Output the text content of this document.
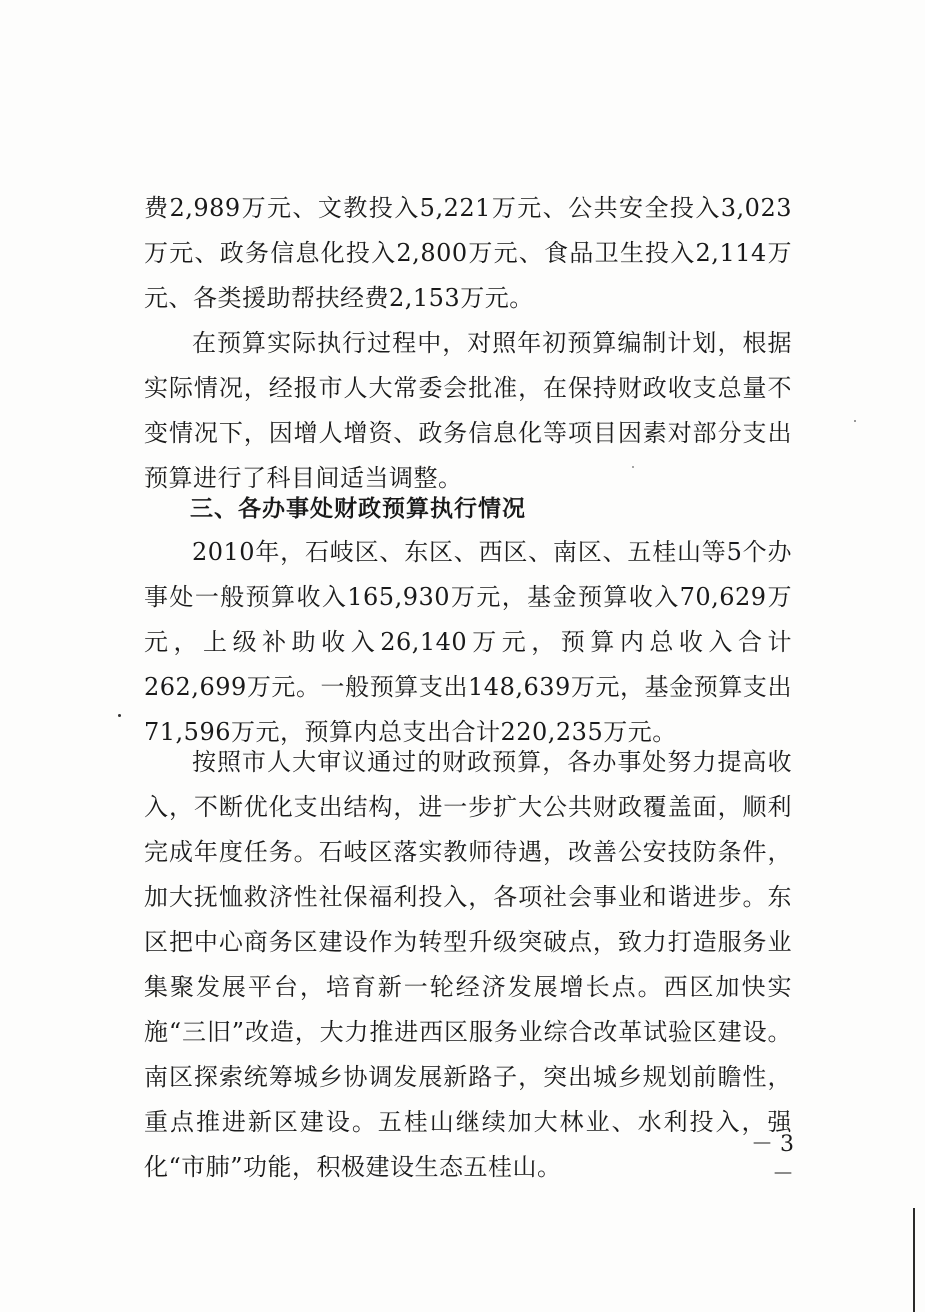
费2,989万元、文教投入5,221万元、公共安全投入3,023万元、政务信息化投入2,800万元、食品卫生投入2,114万元、各类援助帮扶经费2,153万元。

在预算实际执行过程中，对照年初预算编制计划，根据实际情况，经报市人大常委会批准，在保持财政收支总量不变情况下，因增人增资、政务信息化等项目因素对部分支出预算进行了科目间适当调整。

三、各办事处财政预算执行情况

2010年，石岐区、东区、西区、南区、五桂山等5个办事处一般预算收入165,930万元，基金预算收入70,629万元，上级补助收入26,140万元，预算内总收入合计262,699万元。一般预算支出148,639万元，基金预算支出71,596万元，预算内总支出合计220,235万元。

按照市人大审议通过的财政预算，各办事处努力提高收入，不断优化支出结构，进一步扩大公共财政覆盖面，顺利完成年度任务。石岐区落实教师待遇，改善公安技防条件，加大抚恤救济性社保福利投入，各项社会事业和谐进步。东区把中心商务区建设作为转型升级突破点，致力打造服务业集聚发展平台，培育新一轮经济发展增长点。西区加快实施“三旧”改造，大力推进西区服务业综合改革试验区建设。南区探索统筹城乡协调发展新路子，突出城乡规划前瞻性，重点推进新区建设。五桂山继续加大林业、水利投入，强化“市肺”功能，积极建设生态五桂山。

－ 3 －
